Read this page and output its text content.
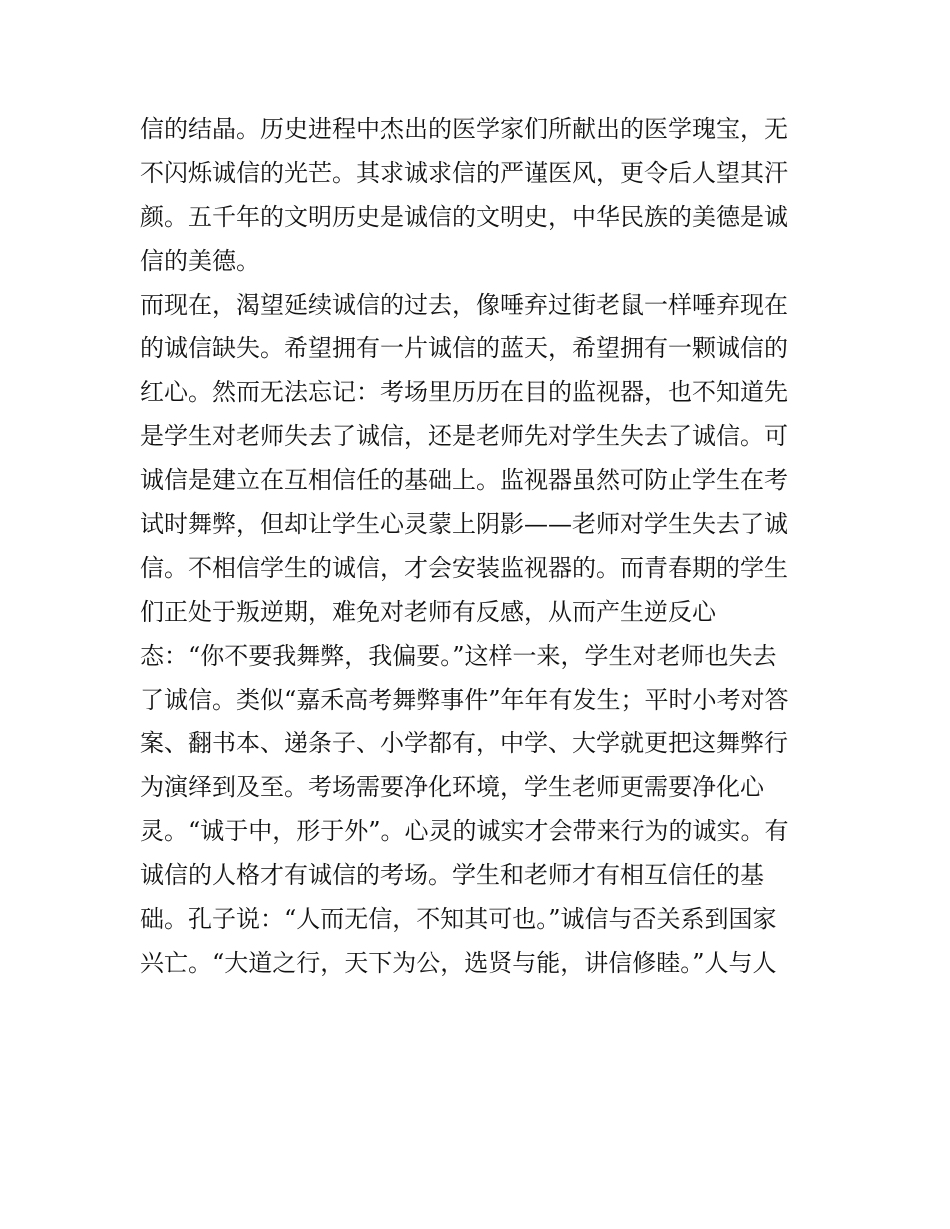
信的结晶。历史进程中杰出的医学家们所献出的医学瑰宝，无
不闪烁诚信的光芒。其求诚求信的严谨医风，更令后人望其汗
颜。五千年的文明历史是诚信的文明史，中华民族的美德是诚
信的美德。
而现在，渴望延续诚信的过去，像唾弃过街老鼠一样唾弃现在
的诚信缺失。希望拥有一片诚信的蓝天，希望拥有一颗诚信的
红心。然而无法忘记：考场里历历在目的监视器，也不知道先
是学生对老师失去了诚信，还是老师先对学生失去了诚信。可
诚信是建立在互相信任的基础上。监视器虽然可防止学生在考
试时舞弊，但却让学生心灵蒙上阴影——老师对学生失去了诚
信。不相信学生的诚信，才会安装监视器的。而青春期的学生
们正处于叛逆期，难免对老师有反感，从而产生逆反心
态：“你不要我舞弊，我偏要。”这样一来，学生对老师也失去
了诚信。类似“嘉禾高考舞弊事件”年年有发生；平时小考对答
案、翻书本、递条子、小学都有，中学、大学就更把这舞弊行
为演绎到及至。考场需要净化环境，学生老师更需要净化心
灵。“诚于中，形于外”。心灵的诚实才会带来行为的诚实。有
诚信的人格才有诚信的考场。学生和老师才有相互信任的基
础。孔子说：“人而无信，不知其可也。”诚信与否关系到国家
兴亡。“大道之行，天下为公，选贤与能，讲信修睦。”人与人
